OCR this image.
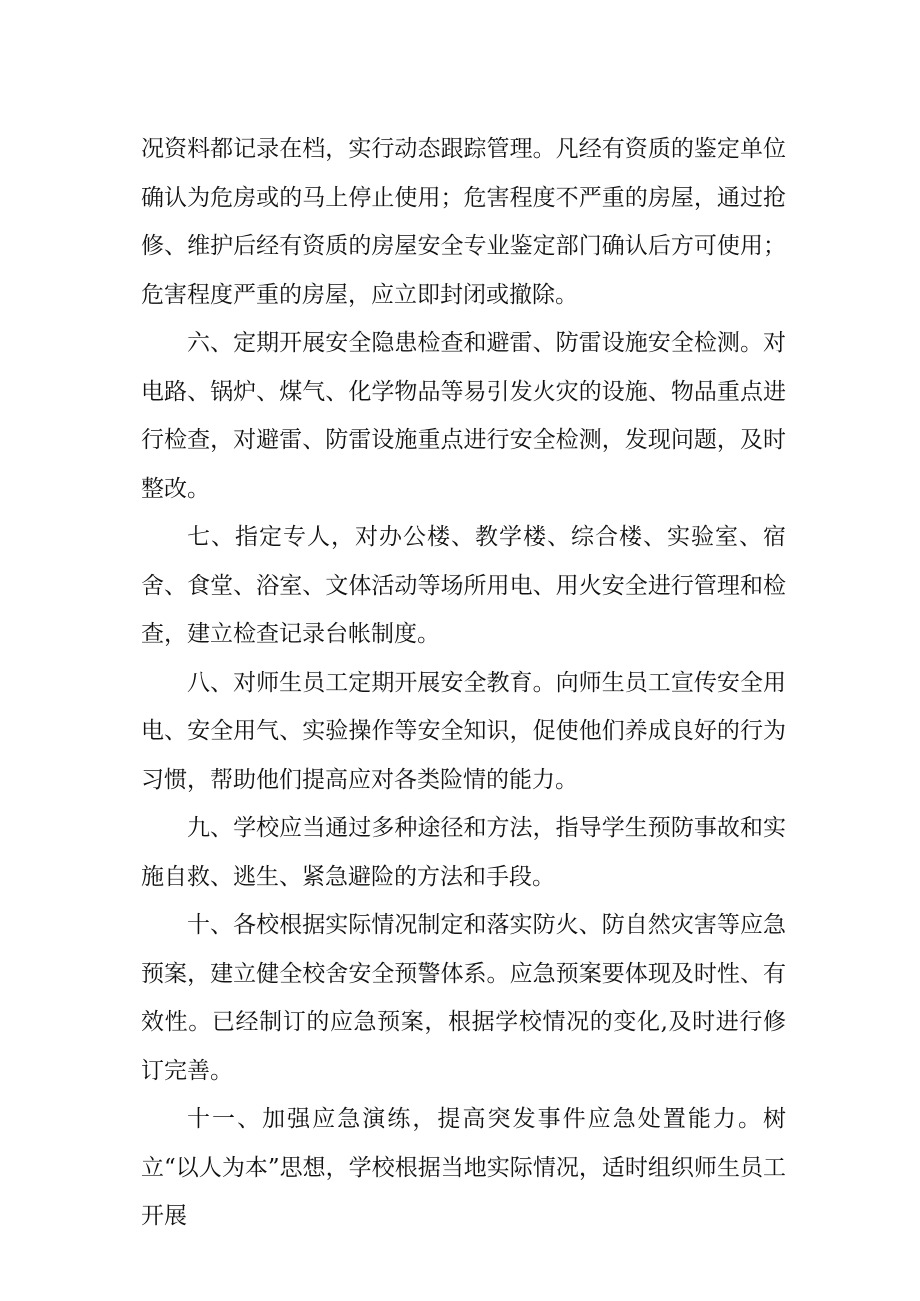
况资料都记录在档，实行动态跟踪管理。凡经有资质的鉴定单位确认为危房或的马上停止使用；危害程度不严重的房屋，通过抢修、维护后经有资质的房屋安全专业鉴定部门确认后方可使用；危害程度严重的房屋，应立即封闭或撤除。

六、定期开展安全隐患检查和避雷、防雷设施安全检测。对电路、锅炉、煤气、化学物品等易引发火灾的设施、物品重点进行检查，对避雷、防雷设施重点进行安全检测，发现问题，及时整改。

七、指定专人，对办公楼、教学楼、综合楼、实验室、宿舍、食堂、浴室、文体活动等场所用电、用火安全进行管理和检查，建立检查记录台帐制度。

八、对师生员工定期开展安全教育。向师生员工宣传安全用电、安全用气、实验操作等安全知识，促使他们养成良好的行为习惯，帮助他们提高应对各类险情的能力。

九、学校应当通过多种途径和方法，指导学生预防事故和实施自救、逃生、紧急避险的方法和手段。

十、各校根据实际情况制定和落实防火、防自然灾害等应急预案，建立健全校舍安全预警体系。应急预案要体现及时性、有效性。已经制订的应急预案，根据学校情况的变化,及时进行修订完善。

十一、加强应急演练，提高突发事件应急处置能力。树立“以人为本”思想，学校根据当地实际情况，适时组织师生员工开展
